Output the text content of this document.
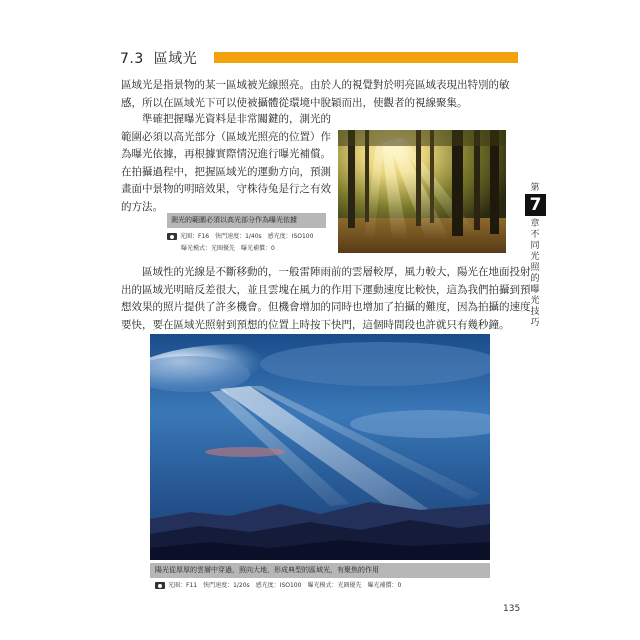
7.3 區域光
區域光是指景物的某一區域被光線照亮。由於人的視覺對於明亮區域表現出特別的敏
感，所以在區域光下可以使被攝體從環境中脫穎而出，使觀者的視線聚集。
準確把握曝光資料是非常關鍵的，測光的
範圍必須以高光部分（區域光照亮的位置）作
為曝光依據，再根據實際情況進行曝光補償。
在拍攝過程中，把握區域光的運動方向，預測
畫面中景物的明暗效果，守株待兔是行之有效
的方法。
測光的範圍必須以高光部分作為曝光依據
光圈：F16　快門速度：1/40s　感光度：ISO100
曝光模式：光圈優先　曝光補償：0
區域性的光線是不斷移動的，一般雷陣雨前的雲層較厚，風力較大，陽光在地面投射
出的區域光明暗反差很大，並且雲塊在風力的作用下運動速度比較快，這為我們拍攝到預
想效果的照片提供了許多機會。但機會增加的同時也增加了拍攝的難度，因為拍攝的速度
要快，要在區域光照射到預想的位置上時按下快門，這個時間段也許就只有幾秒鐘。
陽光從厚厚的雲層中穿過，照向大地，形成典型的區域光，有聚焦的作用
光圈：F11　快門速度：1/20s　感光度：ISO100　曝光模式：光圈優先　曝光補償：0
第
7
章不同光照的曝光技巧
135
